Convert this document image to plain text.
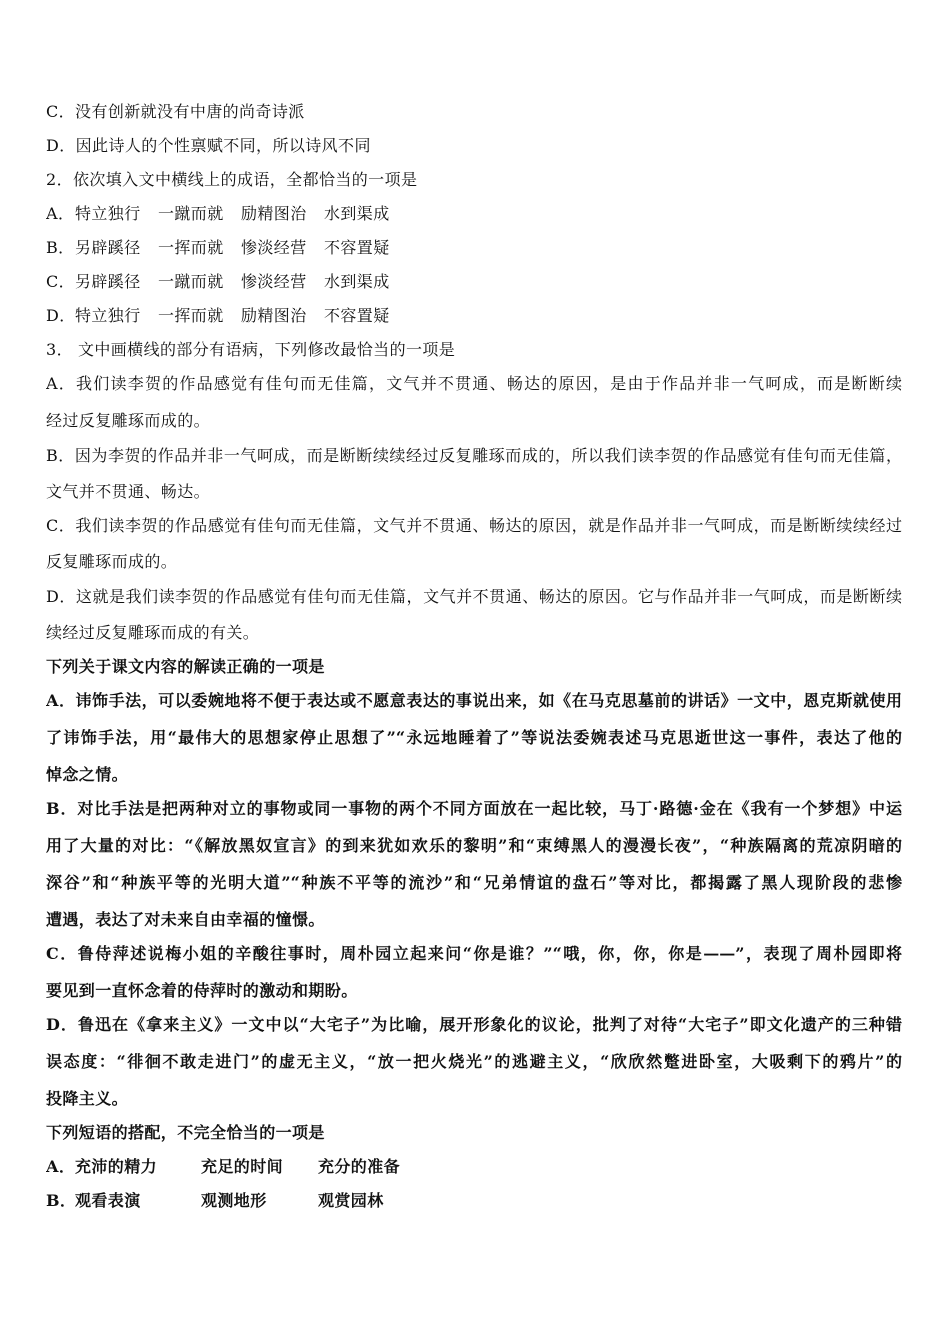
C．没有创新就没有中唐的尚奇诗派
D．因此诗人的个性禀赋不同，所以诗风不同
2．依次填入文中横线上的成语，全都恰当的一项是
A．特立独行 一蹴而就 励精图治 水到渠成
B．另辟蹊径 一挥而就 惨淡经营 不容置疑
C．另辟蹊径 一蹴而就 惨淡经营 水到渠成
D．特立独行 一挥而就 励精图治 不容置疑
3． 文中画横线的部分有语病，下列修改最恰当的一项是
A．我们读李贺的作品感觉有佳句而无佳篇，文气并不贯通、畅达的原因，是由于作品并非一气呵成，而是断断续
经过反复雕琢而成的。
B．因为李贺的作品并非一气呵成，而是断断续续经过反复雕琢而成的，所以我们读李贺的作品感觉有佳句而无佳篇，
文气并不贯通、畅达。
C．我们读李贺的作品感觉有佳句而无佳篇，文气并不贯通、畅达的原因，就是作品并非一气呵成，而是断断续续经过
反复雕琢而成的。
D．这就是我们读李贺的作品感觉有佳句而无佳篇，文气并不贯通、畅达的原因。它与作品并非一气呵成，而是断断续
续经过反复雕琢而成的有关。
下列关于课文内容的解读正确的一项是
A．讳饰手法，可以委婉地将不便于表达或不愿意表达的事说出来，如《在马克思墓前的讲话》一文中，恩克斯就使用
了讳饰手法，用“最伟大的思想家停止思想了”“永远地睡着了”等说法委婉表述马克思逝世这一事件，表达了他的
悼念之情。
B．对比手法是把两种对立的事物或同一事物的两个不同方面放在一起比较，马丁·路德·金在《我有一个梦想》中运
用了大量的对比：“《解放黑奴宣言》的到来犹如欢乐的黎明”和“束缚黑人的漫漫长夜”，“种族隔离的荒凉阴暗的
深谷”和“种族平等的光明大道”“种族不平等的流沙”和“兄弟情谊的盘石”等对比，都揭露了黑人现阶段的悲惨
遭遇，表达了对未来自由幸福的憧憬。
C．鲁侍萍述说梅小姐的辛酸往事时，周朴园立起来问“你是谁？”“哦，你，你，你是——”，表现了周朴园即将
要见到一直怀念着的侍萍时的激动和期盼。
D．鲁迅在《拿来主义》一文中以“大宅子”为比喻，展开形象化的议论，批判了对待“大宅子”即文化遗产的三种错
误态度：“徘徊不敢走进门”的虚无主义，“放一把火烧光”的逃避主义，“欣欣然蹩进卧室，大吸剩下的鸦片”的
投降主义。
下列短语的搭配，不完全恰当的一项是
A．充沛的精力	充足的时间 充分的准备
B．观看表演	观测地形	观赏园林
